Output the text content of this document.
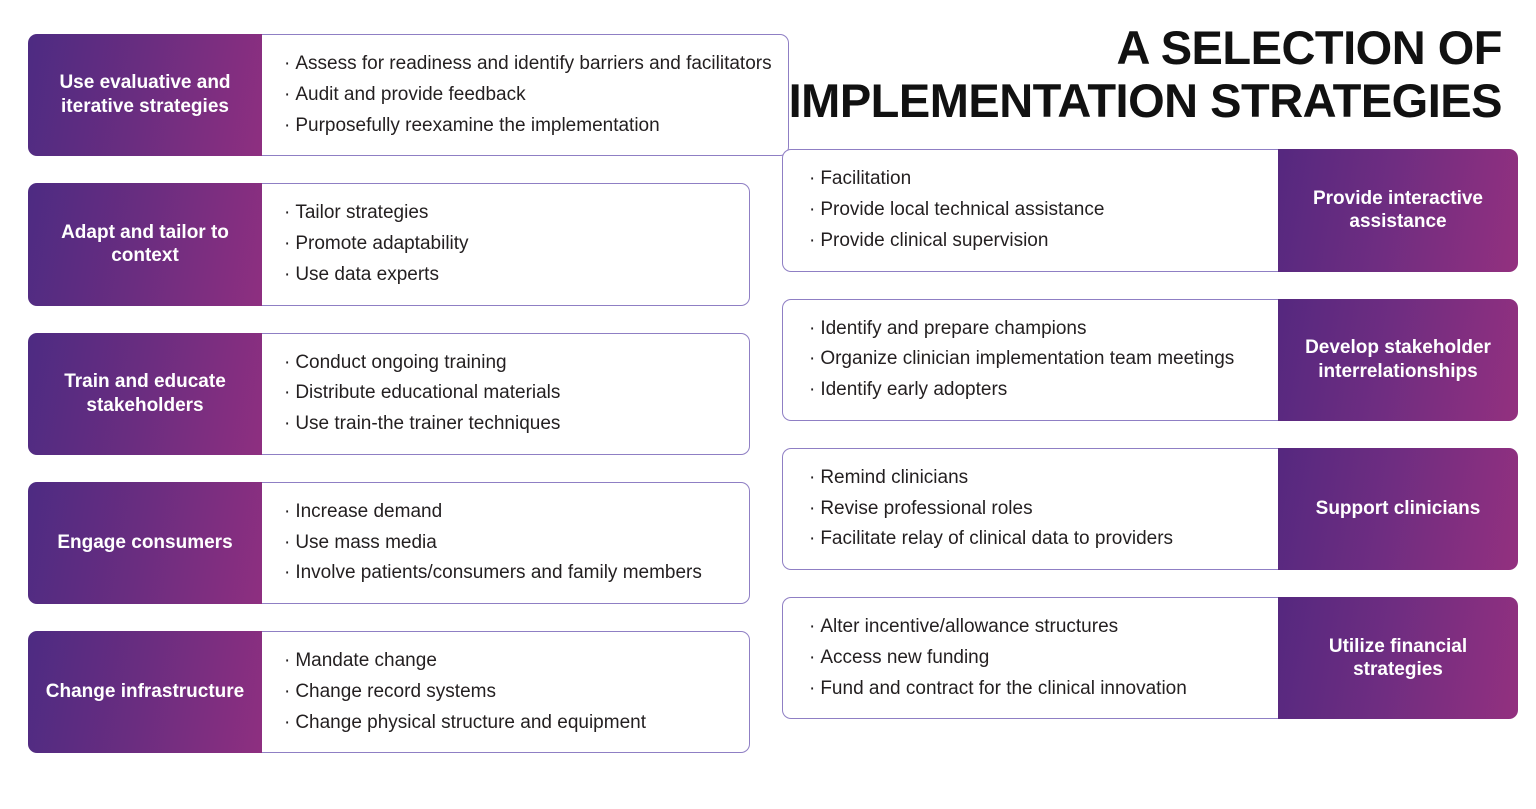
Use evaluative and iterative strategies
· Assess for readiness and identify barriers and facilitators
· Audit and provide feedback
· Purposefully reexamine the implementation
Adapt and tailor to context
· Tailor strategies
· Promote adaptability
· Use data experts
Train and educate stakeholders
· Conduct ongoing training
· Distribute educational materials
· Use train-the trainer techniques
Engage consumers
· Increase demand
· Use mass media
· Involve patients/consumers and family members
Change infrastructure
· Mandate change
· Change record systems
· Change physical structure and equipment
A SELECTION OF IMPLEMENTATION STRATEGIES
· Facilitation
· Provide local technical assistance
· Provide clinical supervision
Provide interactive assistance
· Identify and prepare champions
· Organize clinician implementation team meetings
· Identify early adopters
Develop stakeholder interrelationships
· Remind clinicians
· Revise professional roles
· Facilitate relay of clinical data to providers
Support clinicians
· Alter incentive/allowance structures
· Access new funding
· Fund and contract for the clinical innovation
Utilize financial strategies
